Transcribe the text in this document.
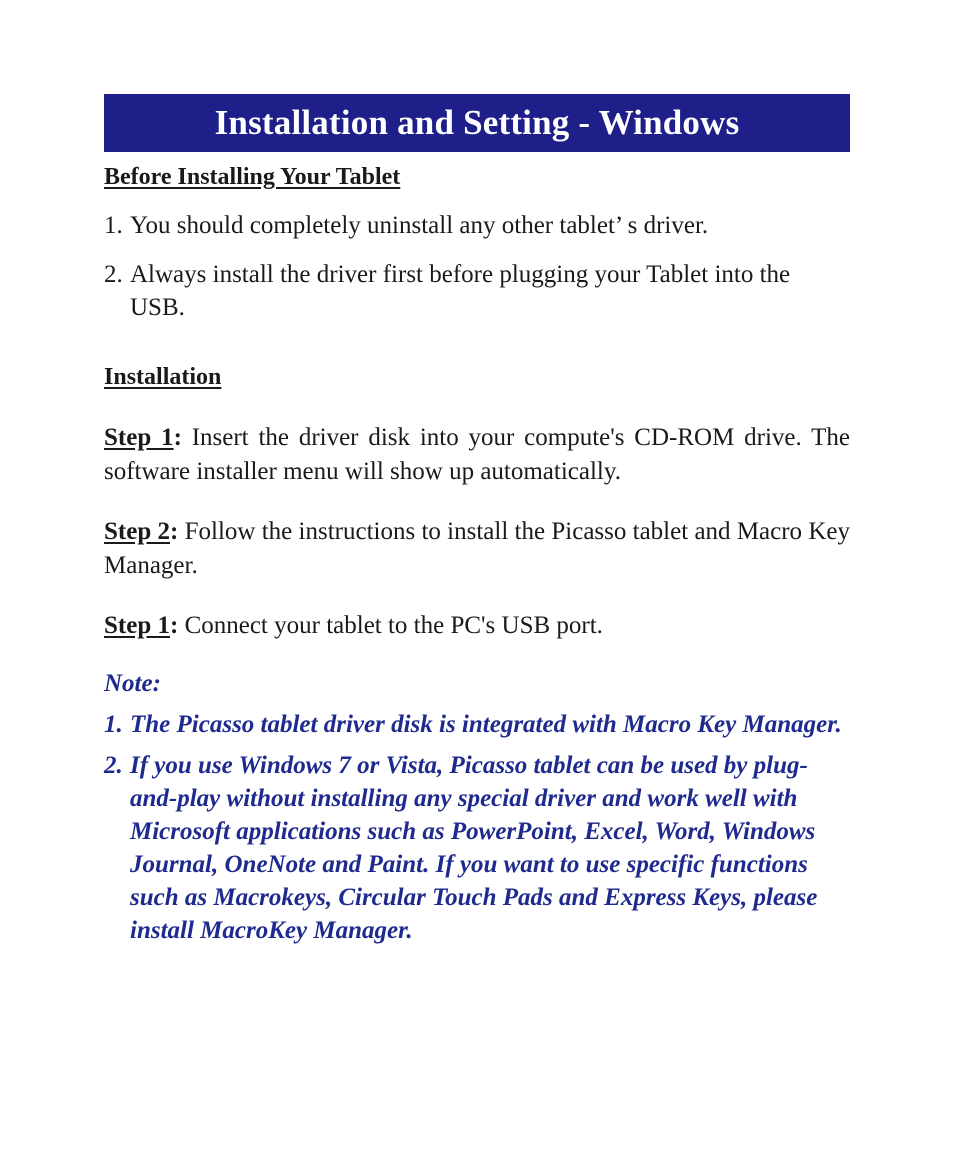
Installation and Setting - Windows
Before Installing Your Tablet
1. You should completely uninstall any other tablet’ s driver.
2. Always install the driver first before plugging your Tablet into the USB.
Installation

Step 1: Insert the driver disk into your compute's CD-ROM drive. The software installer menu will show up automatically.

Step 2: Follow the instructions to install the Picasso tablet and Macro Key Manager.

Step 1: Connect your tablet to the PC's USB port.

Note:
1. The Picasso tablet driver disk is integrated with Macro Key Manager.
2. If you use Windows 7 or Vista, Picasso tablet can be used by plug-and-play without installing any special driver and work well with Microsoft applications such as PowerPoint, Excel, Word, Windows Journal, OneNote and Paint. If you want to use specific functions such as Macrokeys, Circular Touch Pads and Express Keys, please install MacroKey Manager.
